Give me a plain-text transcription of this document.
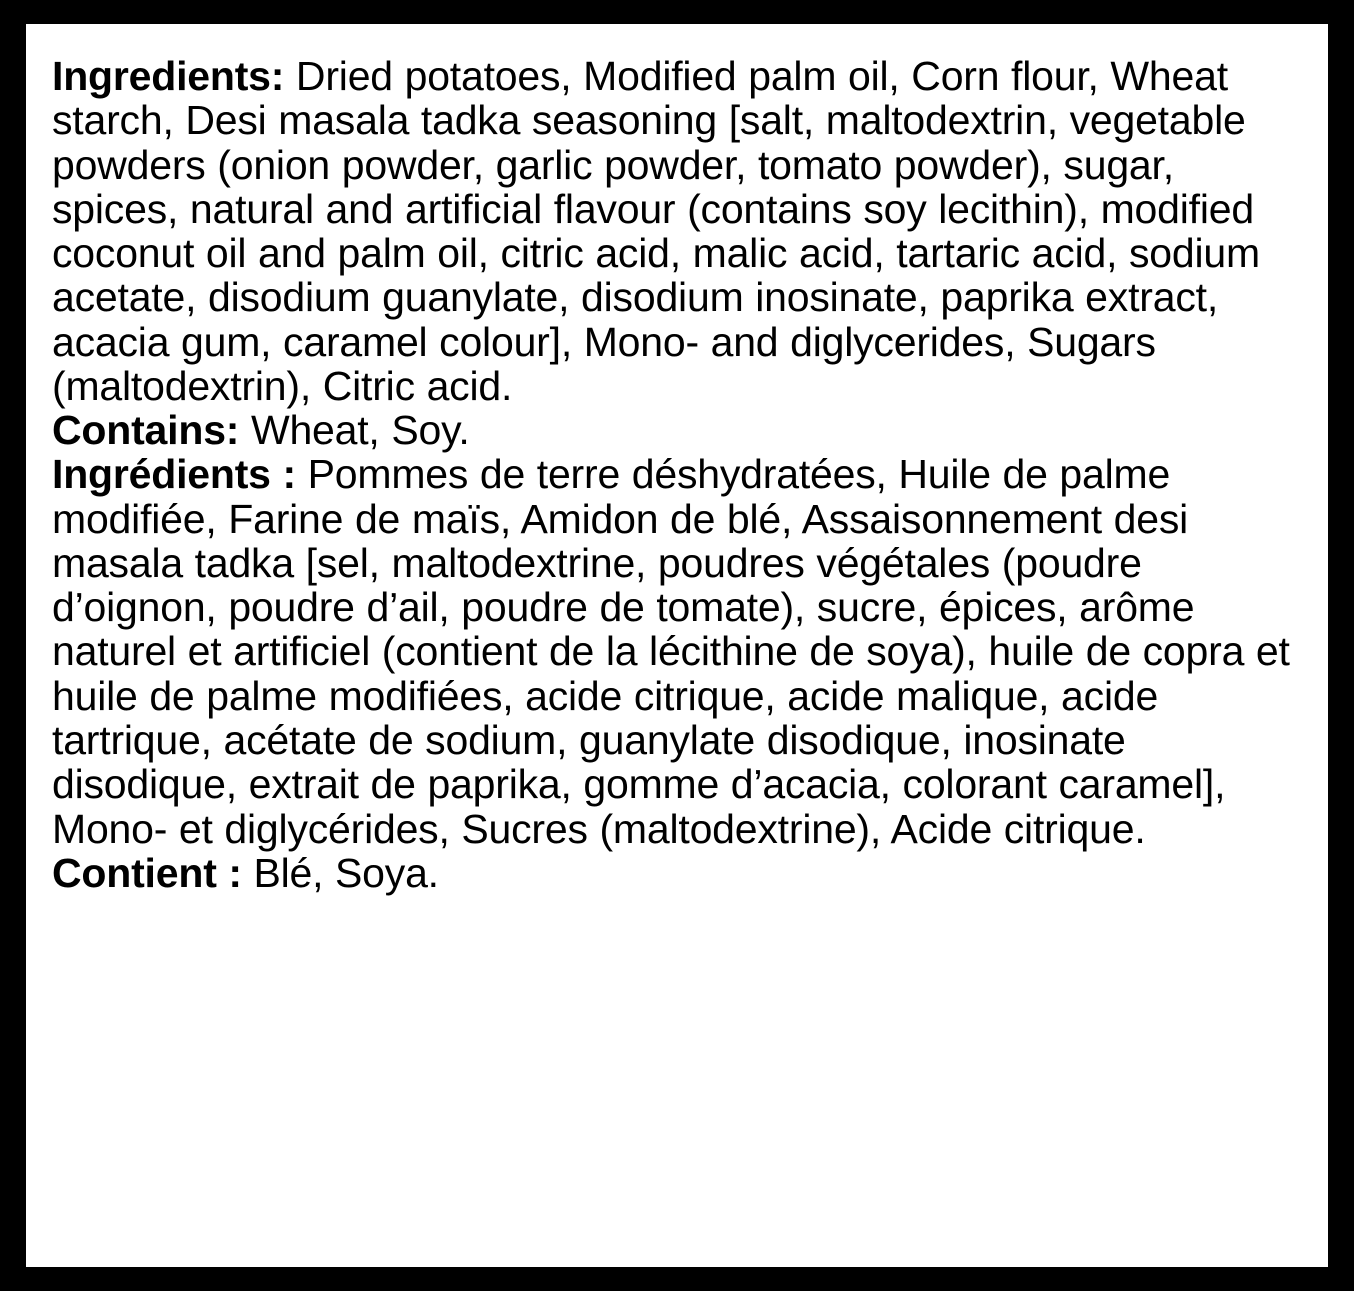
Ingredients: Dried potatoes, Modified palm oil, Corn flour, Wheat starch, Desi masala tadka seasoning [salt, maltodextrin, vegetable powders (onion powder, garlic powder, tomato powder), sugar, spices, natural and artificial flavour (contains soy lecithin), modified coconut oil and palm oil, citric acid, malic acid, tartaric acid, sodium acetate, disodium guanylate, disodium inosinate, paprika extract, acacia gum, caramel colour], Mono- and diglycerides, Sugars (maltodextrin), Citric acid.

Contains: Wheat, Soy.

Ingrédients : Pommes de terre déshydratées, Huile de palme modifiée, Farine de maïs, Amidon de blé, Assaisonnement desi masala tadka [sel, maltodextrine, poudres végétales (poudre d’oignon, poudre d’ail, poudre de tomate), sucre, épices, arôme naturel et artificiel (contient de la lécithine de soya), huile de copra et huile de palme modifiées, acide citrique, acide malique, acide tartrique, acétate de sodium, guanylate disodique, inosinate disodique, extrait de paprika, gomme d’acacia, colorant caramel], Mono- et diglycérides, Sucres (maltodextrine), Acide citrique.

Contient : Blé, Soya.
